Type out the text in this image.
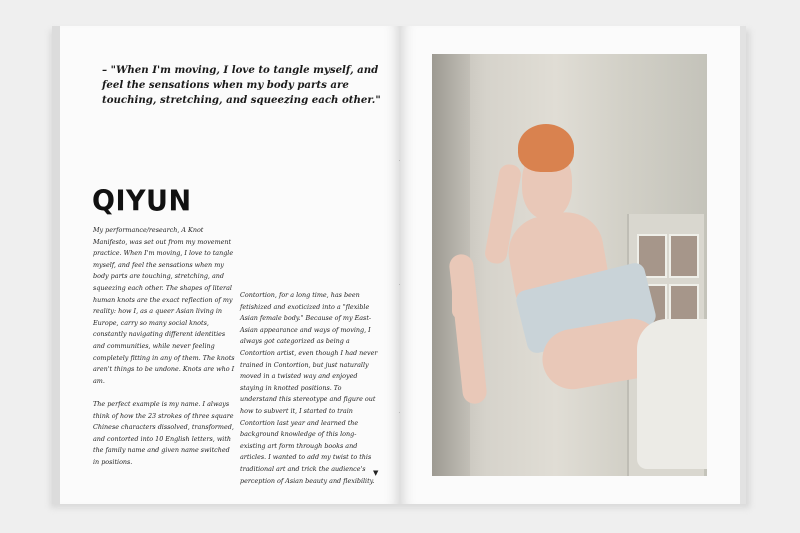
– "When I'm moving, I love to tangle myself, and feel the sensations when my body parts are touching, stretching, and squeezing each other."
QIYUN

My performance/research, A Knot Manifesto, was set out from my movement practice. When I'm moving, I love to tangle myself, and feel the sensations when my body parts are touching, stretching, and squeezing each other. The shapes of literal human knots are the exact reflection of my reality: how I, as a queer Asian living in Europe, carry so many social knots, constantly navigating different identities and communities, while never feeling completely fitting in any of them. The knots aren't things to be undone. Knots are who I am.

The perfect example is my name. I always think of how the 23 strokes of three square Chinese characters dissolved, transformed, and contorted into 10 English letters, with the family name and given name switched in positions.

Contortion, for a long time, has been fetishized and exoticized into a "flexible Asian female body." Because of my East-Asian appearance and ways of moving, I always got categorized as being a Contortion artist, even though I had never trained in Contortion, but just naturally moved in a twisted way and enjoyed staying in knotted positions. To understand this stereotype and figure out how to subvert it, I started to train Contortion last year and learned the background knowledge of this long-existing art form through books and articles. I wanted to add my twist to this traditional art and trick the audience's perception of Asian beauty and flexibility.

▼
